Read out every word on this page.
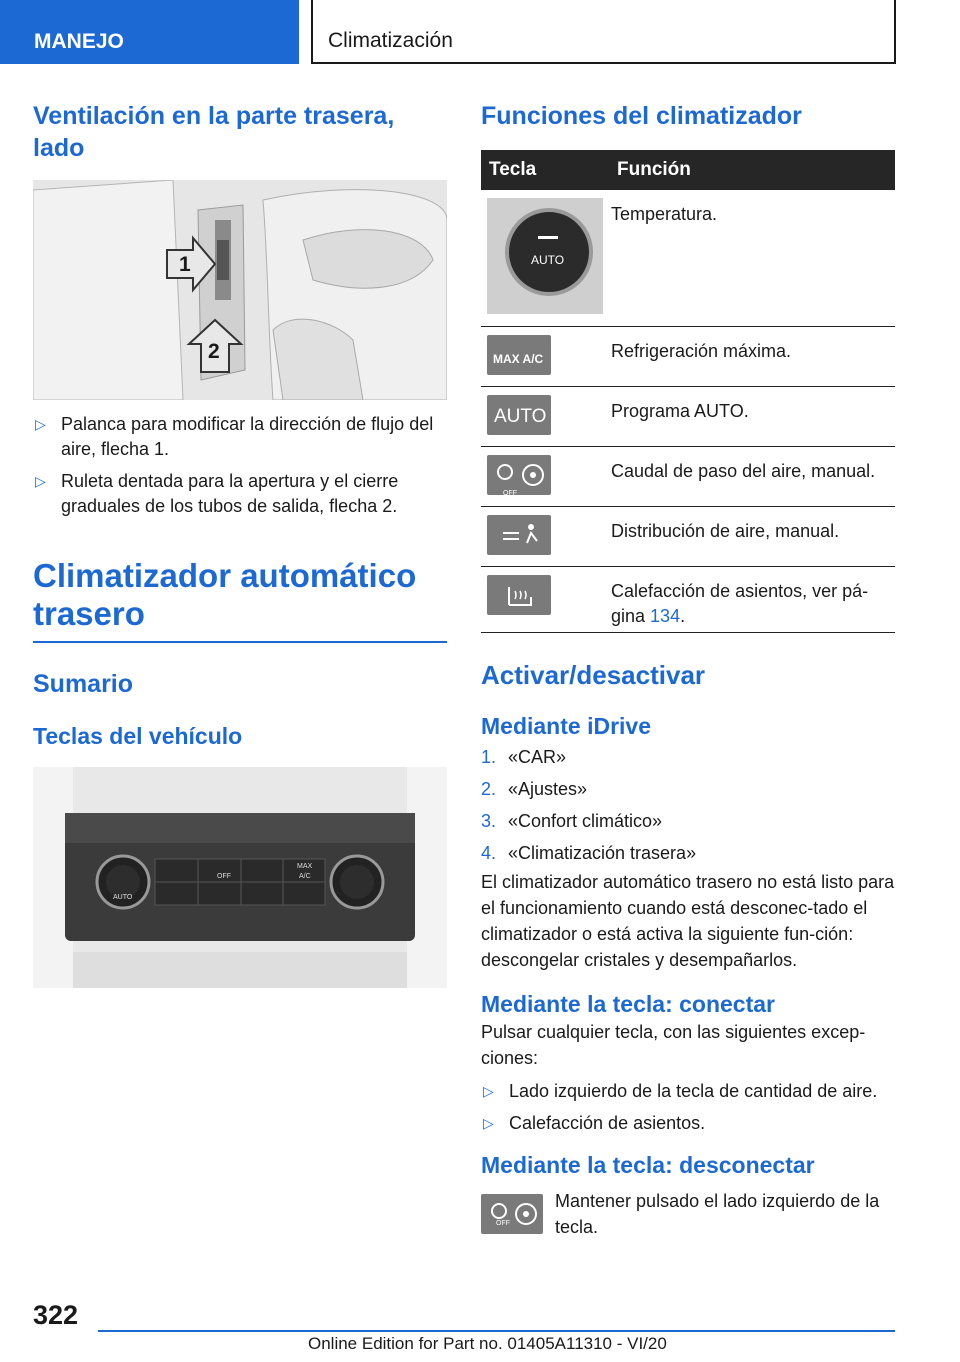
MANEJO	Climatización
Ventilación en la parte trasera, lado
1
2
▷ Palanca para modificar la dirección de flujo del aire, flecha 1.
▷ Ruleta dentada para la apertura y el cierre graduales de los tubos de salida, flecha 2.
Climatizador automático trasero
Sumario
Teclas del vehículo
AUTO
OFF
MAX
A/C
Funciones del climatizador
Tecla	Función

AUTO	Temperatura.

MAX A/C	Refrigeración máxima.

AUTO	Programa AUTO.

OFF	Caudal de paso del aire, manual.

	Distribución de aire, manual.

	Calefacción de asientos, ver pá‐gina 134.
Activar/desactivar
Mediante iDrive
1. «CAR»
2. «Ajustes»
3. «Confort climático»
4. «Climatización trasera»

El climatizador automático trasero no está listo para el funcionamiento cuando está desconec‐tado el climatizador o está activa la siguiente fun‐ción: descongelar cristales y desempañarlos.

Mediante la tecla: conectar

Pulsar cualquier tecla, con las siguientes excep‐ciones:

▷ Lado izquierdo de la tecla de cantidad de aire.
▷ Calefacción de asientos.
Mediante la tecla: desconectar
OFF

Mantener pulsado el lado izquierdo de la tecla.

322
Online Edition for Part no. 01405A11310 - VI/20
